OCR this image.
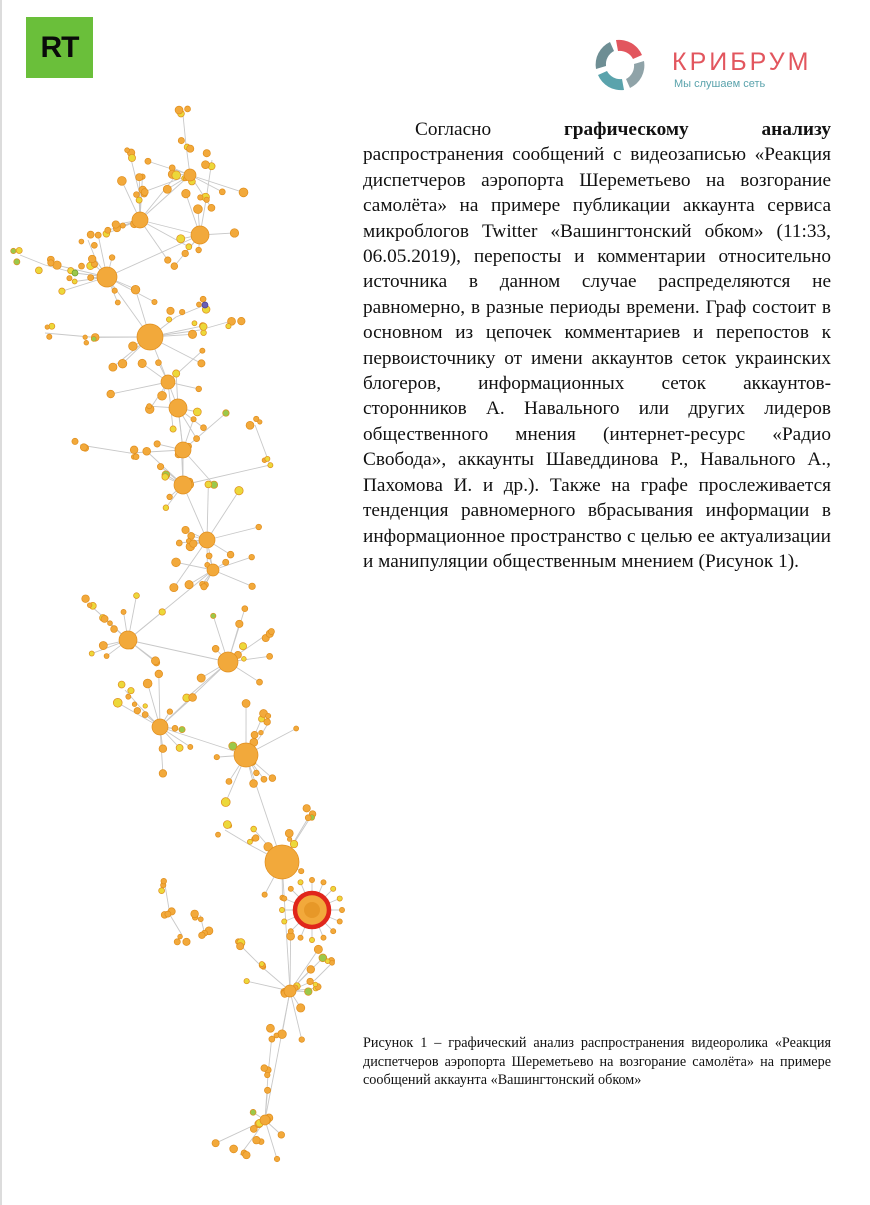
RT	КРИБРУМ
Мы слушаем сеть

Согласно	графическому анализу распространения сообщений с видеозаписью «Реакция диспетчеров аэропорта Шереметьево на возгорание самолёта» на примере публикации аккаунта сервиса микроблогов Twitter «Вашингтонский обком» (11:33, 06.05.2019), перепосты и комментарии относительно источника в данном случае распределяются не равномерно, в разные периоды времени. Граф состоит в основном из цепочек комментариев и перепостов к первоисточнику от имени аккаунтов сеток украинских блогеров, информационных сеток аккаунтов-сторонников А. Навального или других лидеров общественного мнения (интернет-ресурс «Радио Свобода», аккаунты Шаведдинова Р., Навального А., Пахомова И. и др.). Также на графе прослеживается тенденция равномерного вбрасывания информации в информационное пространство с целью ее актуализации и манипуляции общественным мнением (Рисунок 1).

Рисунок 1 – графический анализ распространения видеоролика «Реакция диспетчеров аэропорта Шереметьево на возгорание самолёта» на примере сообщений аккаунта «Вашингтонский обком»
